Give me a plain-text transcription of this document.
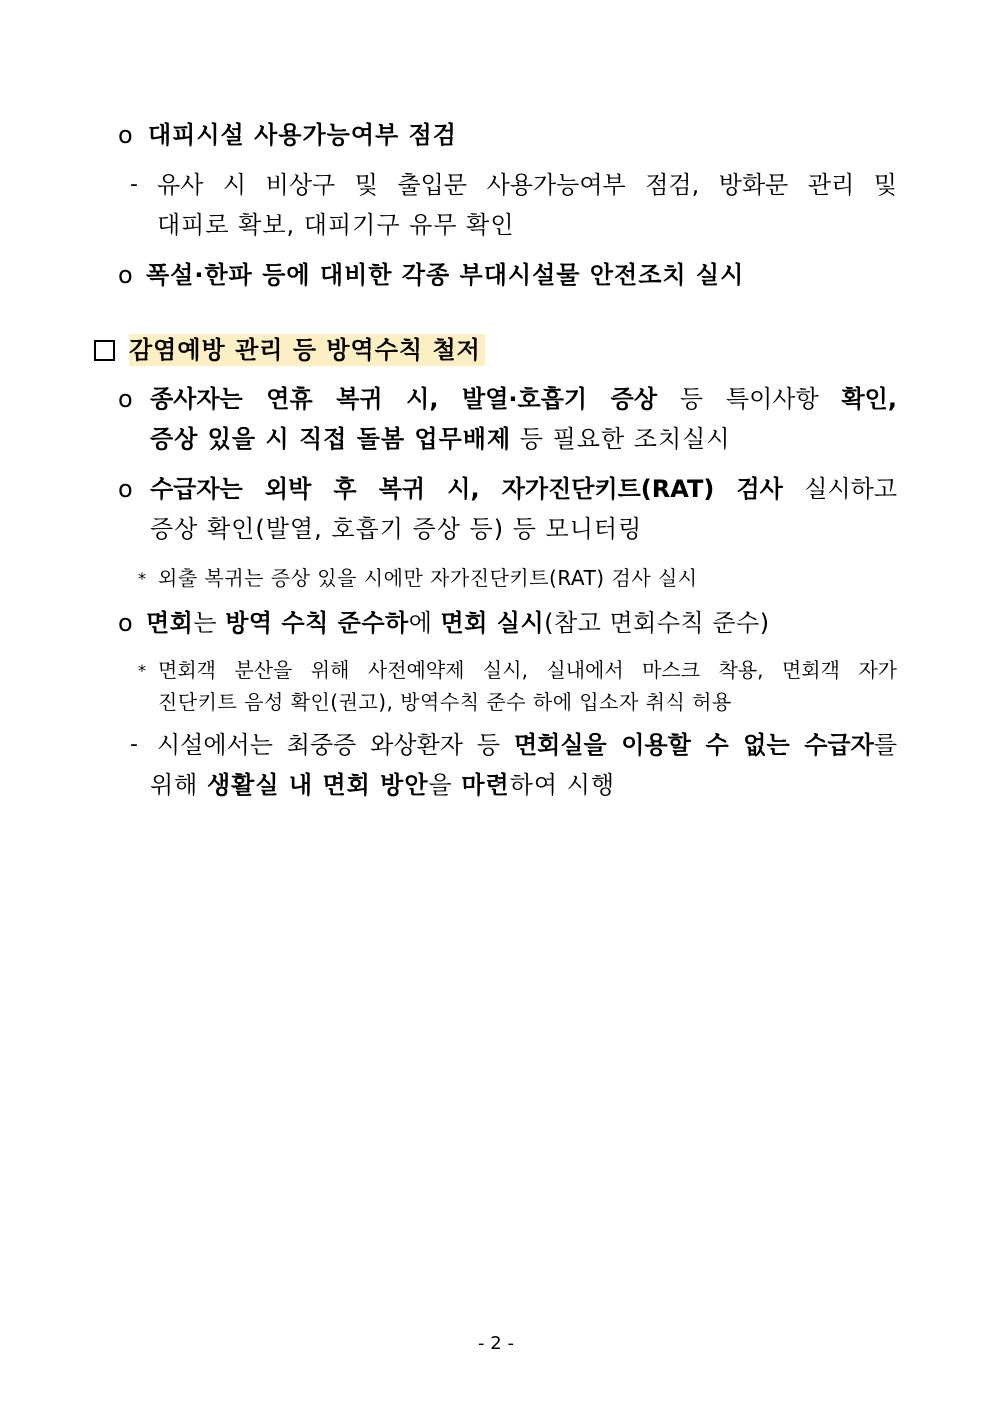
o 대피시설 사용가능여부 점검
- 유사 시 비상구 및 출입문 사용가능여부 점검, 방화문 관리 및
대피로 확보, 대피기구 유무 확인
o 폭설·한파 등에 대비한 각종 부대시설물 안전조치 실시
감염예방 관리 등 방역수칙 철저
o 종사자는 연휴 복귀 시, 발열·호흡기 증상 등 특이사항 확인,
증상 있을 시 직접 돌봄 업무배제 등 필요한 조치실시
o 수급자는 외박 후 복귀 시, 자가진단키트(RAT) 검사 실시하고
증상 확인(발열, 호흡기 증상 등) 등 모니터링
* 외출 복귀는 증상 있을 시에만 자가진단키트(RAT) 검사 실시
o 면회는 방역 수칙 준수하에 면회 실시(참고 면회수칙 준수)
* 면회객 분산을 위해 사전예약제 실시, 실내에서 마스크 착용, 면회객 자가
진단키트 음성 확인(권고), 방역수칙 준수 하에 입소자 취식 허용
- 시설에서는 최중증 와상환자 등 면회실을 이용할 수 없는 수급자를
위해 생활실 내 면회 방안을 마련하여 시행
- 2 -
